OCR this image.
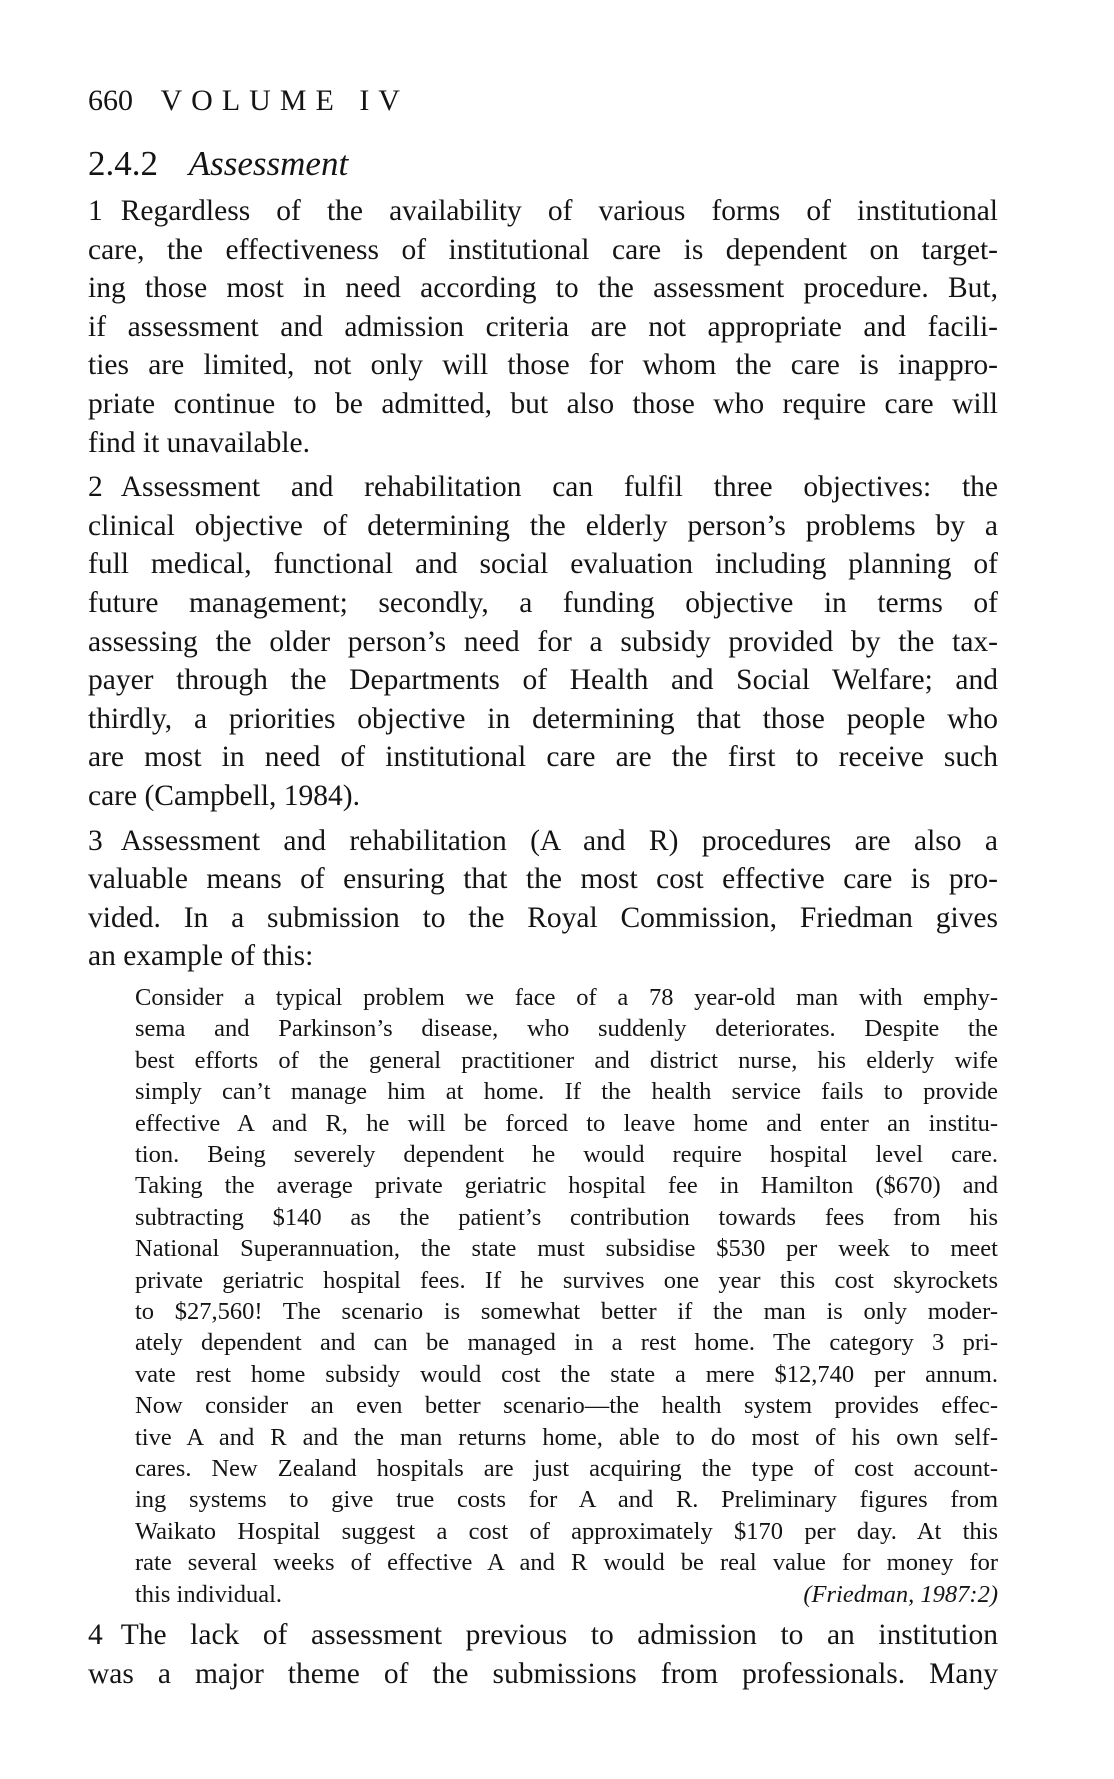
660 VOLUME IV
2.4.2 Assessment
1 Regardless of the availability of various forms of institutional
care, the effectiveness of institutional care is dependent on target-
ing those most in need according to the assessment procedure. But,
if assessment and admission criteria are not appropriate and facili-
ties are limited, not only will those for whom the care is inappro-
priate continue to be admitted, but also those who require care will
find it unavailable.
2 Assessment and rehabilitation can fulfil three objectives: the
clinical objective of determining the elderly person’s problems by a
full medical, functional and social evaluation including planning of
future management; secondly, a funding objective in terms of
assessing the older person’s need for a subsidy provided by the tax-
payer through the Departments of Health and Social Welfare; and
thirdly, a priorities objective in determining that those people who
are most in need of institutional care are the first to receive such
care (Campbell, 1984).
3 Assessment and rehabilitation (A and R) procedures are also a
valuable means of ensuring that the most cost effective care is pro-
vided. In a submission to the Royal Commission, Friedman gives
an example of this:
Consider a typical problem we face of a 78 year-old man with emphy-
sema and Parkinson’s disease, who suddenly deteriorates. Despite the
best efforts of the general practitioner and district nurse, his elderly wife
simply can’t manage him at home. If the health service fails to provide
effective A and R, he will be forced to leave home and enter an institu-
tion. Being severely dependent he would require hospital level care.
Taking the average private geriatric hospital fee in Hamilton ($670) and
subtracting $140 as the patient’s contribution towards fees from his
National Superannuation, the state must subsidise $530 per week to meet
private geriatric hospital fees. If he survives one year this cost skyrockets
to $27,560! The scenario is somewhat better if the man is only moder-
ately dependent and can be managed in a rest home. The category 3 pri-
vate rest home subsidy would cost the state a mere $12,740 per annum.
Now consider an even better scenario—the health system provides effec-
tive A and R and the man returns home, able to do most of his own self-
cares. New Zealand hospitals are just acquiring the type of cost account-
ing systems to give true costs for A and R. Preliminary figures from
Waikato Hospital suggest a cost of approximately $170 per day. At this
rate several weeks of effective A and R would be real value for money for
this individual.	(Friedman, 1987:2)
4 The lack of assessment previous to admission to an institution
was a major theme of the submissions from professionals. Many
